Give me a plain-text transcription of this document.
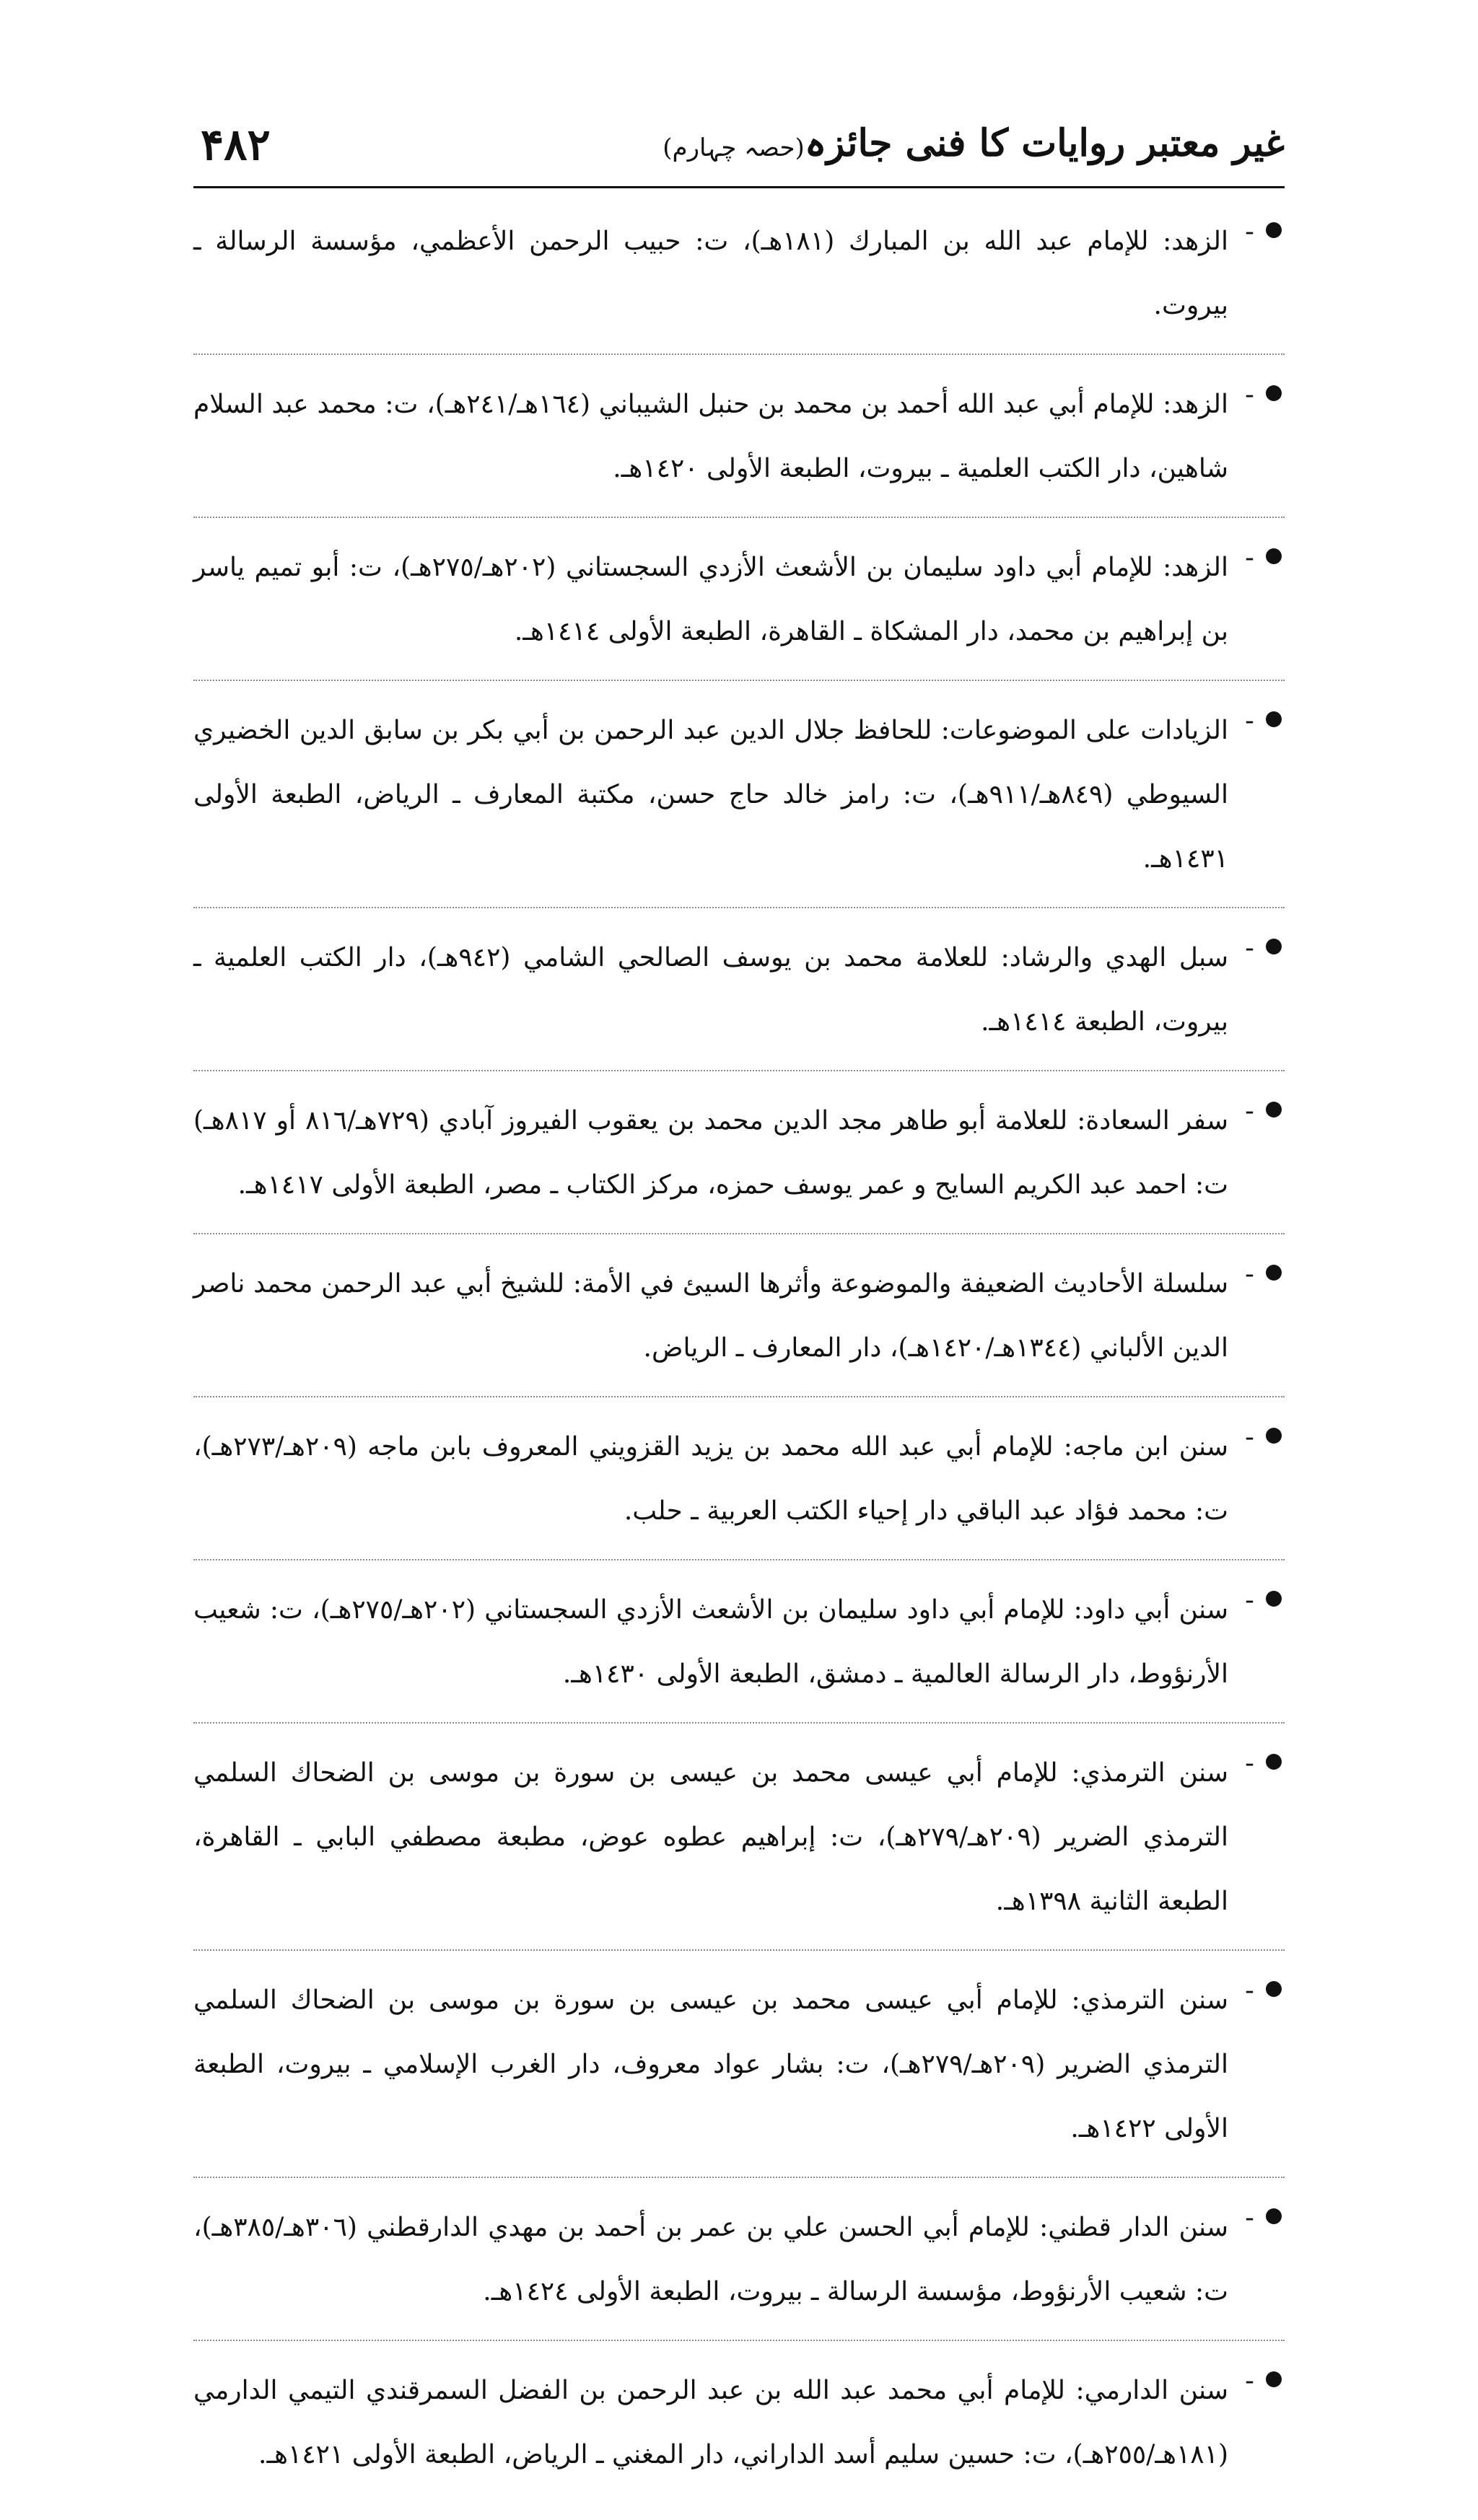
۴۸۲	غیر معتبر روایات کا فنی جائزہ(حصہ چہارم)
-

الزهد: للإمام عبد الله بن المبارك (١٨١هـ)، ت: حبيب الرحمن الأعظمي، مؤسسة الرسالة ـ بيروت.

-

الزهد: للإمام أبي عبد الله أحمد بن محمد بن حنبل الشيباني (١٦٤هـ/٢٤١هـ)، ت: محمد عبد السلام شاهين، دار الكتب العلمية ـ بيروت، الطبعة الأولى ١٤٢٠هـ.

-

الزهد: للإمام أبي داود سليمان بن الأشعث الأزدي السجستاني (٢٠٢هـ/٢٧٥هـ)، ت: أبو تميم ياسر بن إبراهيم بن محمد، دار المشكاة ـ القاهرة، الطبعة الأولى ١٤١٤هـ.

-

الزيادات على الموضوعات: للحافظ جلال الدين عبد الرحمن بن أبي بكر بن سابق الدين الخضيري السيوطي (٨٤٩هـ/٩١١هـ)، ت: رامز خالد حاج حسن، مكتبة المعارف ـ الرياض، الطبعة الأولى ١٤٣١هـ.

-

سبل الهدي والرشاد: للعلامة محمد بن يوسف الصالحي الشامي (٩٤٢هـ)، دار الكتب العلمية ـ بيروت، الطبعة ١٤١٤هـ.

-

سفر السعادة: للعلامة أبو طاهر مجد الدين محمد بن يعقوب الفيروز آبادي (٧٢٩هـ/٨١٦ أو ٨١٧هـ) ت: احمد عبد الكريم السايح و عمر يوسف حمزه، مركز الكتاب ـ مصر، الطبعة الأولى ١٤١٧هـ.

-

سلسلة الأحاديث الضعيفة والموضوعة وأثرها السيئ في الأمة: للشيخ أبي عبد الرحمن محمد ناصر الدين الألباني (١٣٤٤هـ/١٤٢٠هـ)، دار المعارف ـ الرياض.

-

سنن ابن ماجه: للإمام أبي عبد الله محمد بن يزيد القزويني المعروف بابن ماجه (٢٠٩هـ/٢٧٣هـ)، ت: محمد فؤاد عبد الباقي دار إحياء الكتب العربية ـ حلب.

-

سنن أبي داود: للإمام أبي داود سليمان بن الأشعث الأزدي السجستاني (٢٠٢هـ/٢٧٥هـ)، ت: شعيب الأرنؤوط، دار الرسالة العالمية ـ دمشق، الطبعة الأولى ١٤٣٠هـ.

-

سنن الترمذي: للإمام أبي عيسى محمد بن عيسى بن سورة بن موسى بن الضحاك السلمي الترمذي الضرير (٢٠٩هـ/٢٧٩هـ)، ت: إبراهيم عطوه عوض، مطبعة مصطفي البابي ـ القاهرة، الطبعة الثانية ١٣٩٨هـ.

-

سنن الترمذي: للإمام أبي عيسى محمد بن عيسى بن سورة بن موسى بن الضحاك السلمي الترمذي الضرير (٢٠٩هـ/٢٧٩هـ)، ت: بشار عواد معروف، دار الغرب الإسلامي ـ بيروت، الطبعة الأولى ١٤٢٢هـ.

-

سنن الدار قطني: للإمام أبي الحسن علي بن عمر بن أحمد بن مهدي الدارقطني (٣٠٦هـ/٣٨٥هـ)، ت: شعيب الأرنؤوط، مؤسسة الرسالة ـ بيروت، الطبعة الأولى ١٤٢٤هـ.

-

سنن الدارمي: للإمام أبي محمد عبد الله بن عبد الرحمن بن الفضل السمرقندي التيمي الدارمي (١٨١هـ/٢٥٥هـ)، ت: حسين سليم أسد الداراني، دار المغني ـ الرياض، الطبعة الأولى ١٤٢١هـ.
